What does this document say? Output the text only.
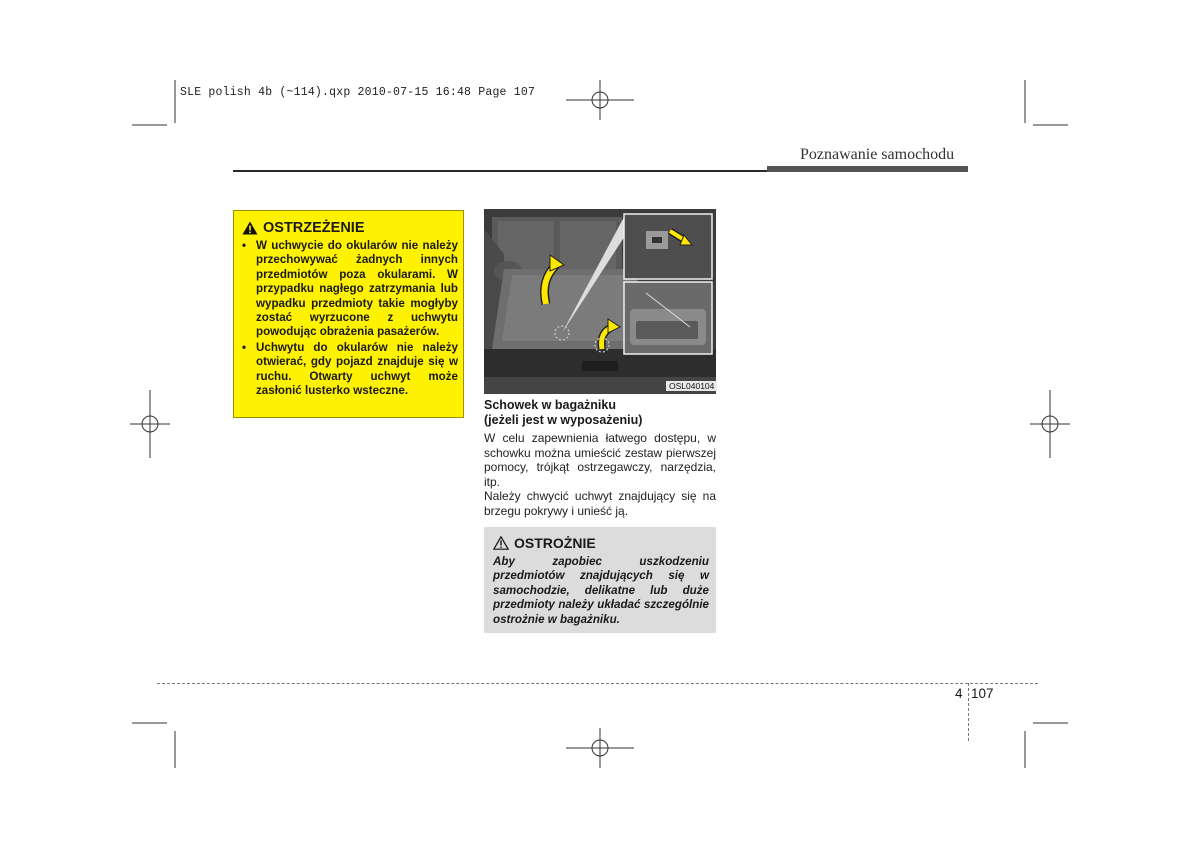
SLE polish 4b (~114).qxp 2010-07-15 16:48 Page 107
Poznawanie samochodu
OSTRZEŻENIE
• W uchwycie do okularów nie należy przechowywać żadnych innych przedmiotów poza okularami. W przypadku nagłego zatrzymania lub wypadku przedmioty takie mogłyby zostać wyrzucone z uchwytu powodując obrażenia pasażerów.
• Uchwytu do okularów nie należy otwierać, gdy pojazd znajduje się w ruchu. Otwarty uchwyt może zasłonić lusterko wsteczne.	OSL040104
Schowek w bagażniku
(jeżeli jest w wyposażeniu)
W celu zapewnienia łatwego dostępu, w schowku można umieścić zestaw pierwszej pomocy, trójkąt ostrzegawczy, narzędzia, itp.
Należy chwycić uchwyt znajdujący się na brzegu pokrywy i unieść ją.
OSTROŻNIE
Aby zapobiec uszkodzeniu przedmiotów znajdujących się w samochodzie, delikatne lub duże przedmioty należy układać szczególnie ostrożnie w bagażniku.
4 107
